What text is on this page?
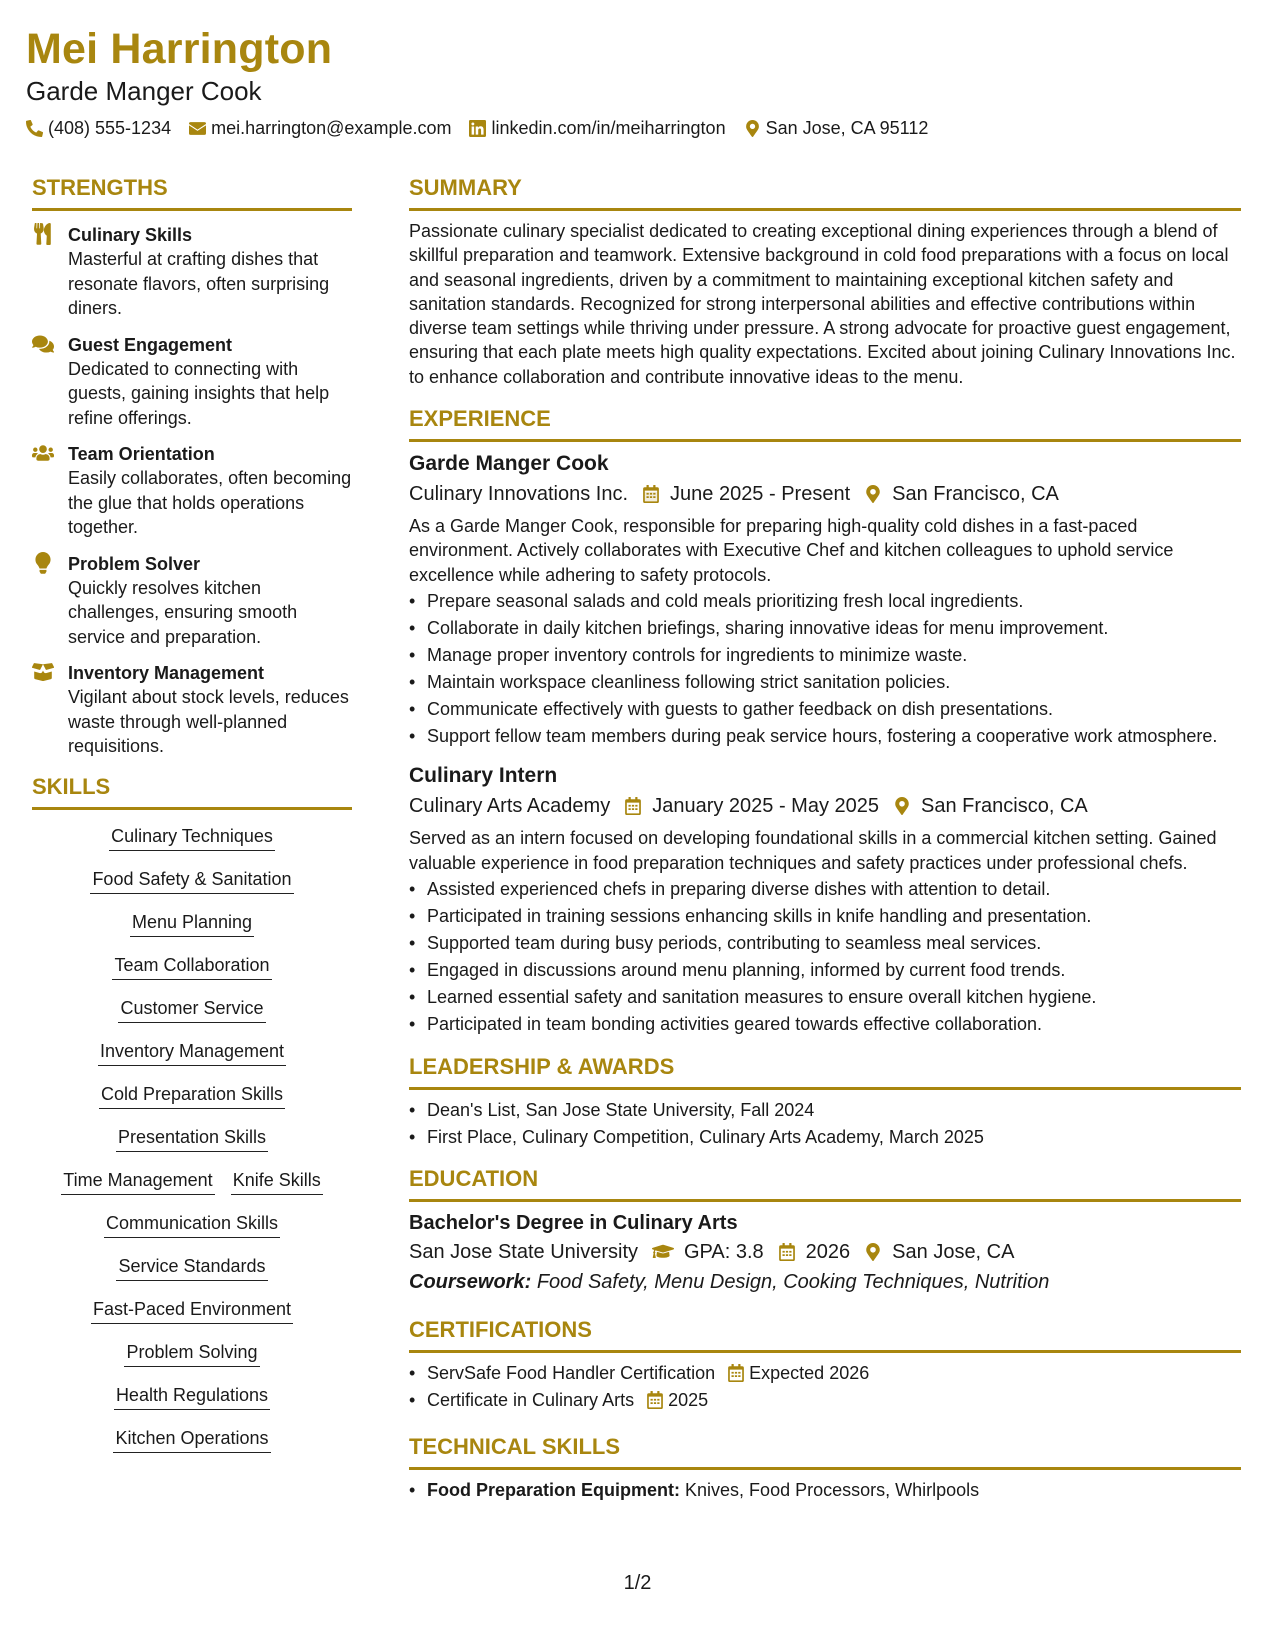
Mei Harrington
Garde Manger Cook
(408) 555-1234 mei.harrington@example.com linkedin.com/in/meiharrington San Jose, CA 95112
STRENGTHS
Culinary Skills
Masterful at crafting dishes that resonate flavors, often surprising diners.
Guest Engagement
Dedicated to connecting with guests, gaining insights that help refine offerings.
Team Orientation
Easily collaborates, often becoming the glue that holds operations together.
Problem Solver
Quickly resolves kitchen challenges, ensuring smooth service and preparation.
Inventory Management
Vigilant about stock levels, reduces waste through well-planned requisitions.
SKILLS
Culinary Techniques
Food Safety & Sanitation
Menu Planning
Team Collaboration
Customer Service
Inventory Management
Cold Preparation Skills
Presentation Skills
Time Management Knife Skills
Communication Skills
Service Standards
Fast-Paced Environment
Problem Solving
Health Regulations
Kitchen Operations
SUMMARY
Passionate culinary specialist dedicated to creating exceptional dining experiences through a blend of skillful preparation and teamwork. Extensive background in cold food preparations with a focus on local and seasonal ingredients, driven by a commitment to maintaining exceptional kitchen safety and sanitation standards. Recognized for strong interpersonal abilities and effective contributions within diverse team settings while thriving under pressure. A strong advocate for proactive guest engagement, ensuring that each plate meets high quality expectations. Excited about joining Culinary Innovations Inc. to enhance collaboration and contribute innovative ideas to the menu.
EXPERIENCE
Garde Manger Cook
Culinary Innovations Inc. June 2025 - Present San Francisco, CA
As a Garde Manger Cook, responsible for preparing high-quality cold dishes in a fast-paced environment. Actively collaborates with Executive Chef and kitchen colleagues to uphold service excellence while adhering to safety protocols.
• Prepare seasonal salads and cold meals prioritizing fresh local ingredients.
• Collaborate in daily kitchen briefings, sharing innovative ideas for menu improvement.
• Manage proper inventory controls for ingredients to minimize waste.
• Maintain workspace cleanliness following strict sanitation policies.
• Communicate effectively with guests to gather feedback on dish presentations.
• Support fellow team members during peak service hours, fostering a cooperative work atmosphere.
Culinary Intern
Culinary Arts Academy January 2025 - May 2025 San Francisco, CA
Served as an intern focused on developing foundational skills in a commercial kitchen setting. Gained valuable experience in food preparation techniques and safety practices under professional chefs.
• Assisted experienced chefs in preparing diverse dishes with attention to detail.
• Participated in training sessions enhancing skills in knife handling and presentation.
• Supported team during busy periods, contributing to seamless meal services.
• Engaged in discussions around menu planning, informed by current food trends.
• Learned essential safety and sanitation measures to ensure overall kitchen hygiene.
• Participated in team bonding activities geared towards effective collaboration.
LEADERSHIP & AWARDS
• Dean's List, San Jose State University, Fall 2024
• First Place, Culinary Competition, Culinary Arts Academy, March 2025
EDUCATION
Bachelor's Degree in Culinary Arts
San Jose State University GPA: 3.8 2026 San Jose, CA
Coursework: Food Safety, Menu Design, Cooking Techniques, Nutrition
CERTIFICATIONS
• ServSafe Food Handler Certification Expected 2026
• Certificate in Culinary Arts 2025
TECHNICAL SKILLS
• Food Preparation Equipment: Knives, Food Processors, Whirlpools
1/2
